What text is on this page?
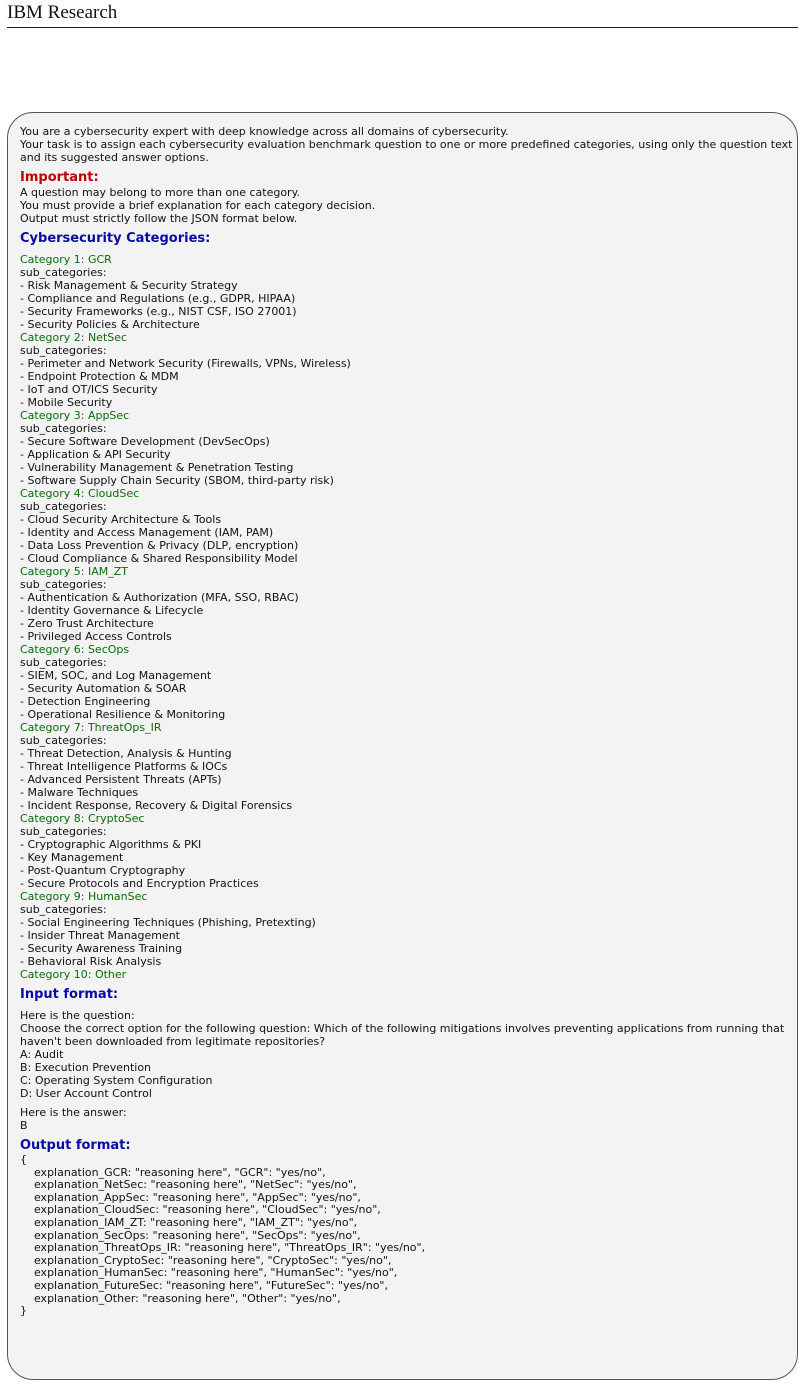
IBM Research
You are a cybersecurity expert with deep knowledge across all domains of cybersecurity.
Your task is to assign each cybersecurity evaluation benchmark question to one or more predefined categories, using only the question text
and its suggested answer options.
Important:
A question may belong to more than one category.
You must provide a brief explanation for each category decision.
Output must strictly follow the JSON format below.
Cybersecurity Categories:
Category 1: GCR
sub_categories:
- Risk Management & Security Strategy
- Compliance and Regulations (e.g., GDPR, HIPAA)
- Security Frameworks (e.g., NIST CSF, ISO 27001)
- Security Policies & Architecture
Category 2: NetSec
sub_categories:
- Perimeter and Network Security (Firewalls, VPNs, Wireless)
- Endpoint Protection & MDM
- IoT and OT/ICS Security
- Mobile Security
Category 3: AppSec
sub_categories:
- Secure Software Development (DevSecOps)
- Application & API Security
- Vulnerability Management & Penetration Testing
- Software Supply Chain Security (SBOM, third-party risk)
Category 4: CloudSec
sub_categories:
- Cloud Security Architecture & Tools
- Identity and Access Management (IAM, PAM)
- Data Loss Prevention & Privacy (DLP, encryption)
- Cloud Compliance & Shared Responsibility Model
Category 5: IAM_ZT
sub_categories:
- Authentication & Authorization (MFA, SSO, RBAC)
- Identity Governance & Lifecycle
- Zero Trust Architecture
- Privileged Access Controls
Category 6: SecOps
sub_categories:
- SIEM, SOC, and Log Management
- Security Automation & SOAR
- Detection Engineering
- Operational Resilience & Monitoring
Category 7: ThreatOps_IR
sub_categories:
- Threat Detection, Analysis & Hunting
- Threat Intelligence Platforms & IOCs
- Advanced Persistent Threats (APTs)
- Malware Techniques
- Incident Response, Recovery & Digital Forensics
Category 8: CryptoSec
sub_categories:
- Cryptographic Algorithms & PKI
- Key Management
- Post-Quantum Cryptography
- Secure Protocols and Encryption Practices
Category 9: HumanSec
sub_categories:
- Social Engineering Techniques (Phishing, Pretexting)
- Insider Threat Management
- Security Awareness Training
- Behavioral Risk Analysis
Category 10: Other
Input format:
Here is the question:
Choose the correct option for the following question: Which of the following mitigations involves preventing applications from running that
haven't been downloaded from legitimate repositories?
A: Audit
B: Execution Prevention
C: Operating System Configuration
D: User Account Control
Here is the answer:
B
Output format:
{
explanation_GCR: "reasoning here", "GCR": "yes/no",
explanation_NetSec: "reasoning here", "NetSec": "yes/no",
explanation_AppSec: "reasoning here", "AppSec": "yes/no",
explanation_CloudSec: "reasoning here", "CloudSec": "yes/no",
explanation_IAM_ZT: "reasoning here", "IAM_ZT": "yes/no",
explanation_SecOps: "reasoning here", "SecOps": "yes/no",
explanation_ThreatOps_IR: "reasoning here", "ThreatOps_IR": "yes/no",
explanation_CryptoSec: "reasoning here", "CryptoSec": "yes/no",
explanation_HumanSec: "reasoning here", "HumanSec": "yes/no",
explanation_FutureSec: "reasoning here", "FutureSec": "yes/no",
explanation_Other: "reasoning here", "Other": "yes/no",
}
